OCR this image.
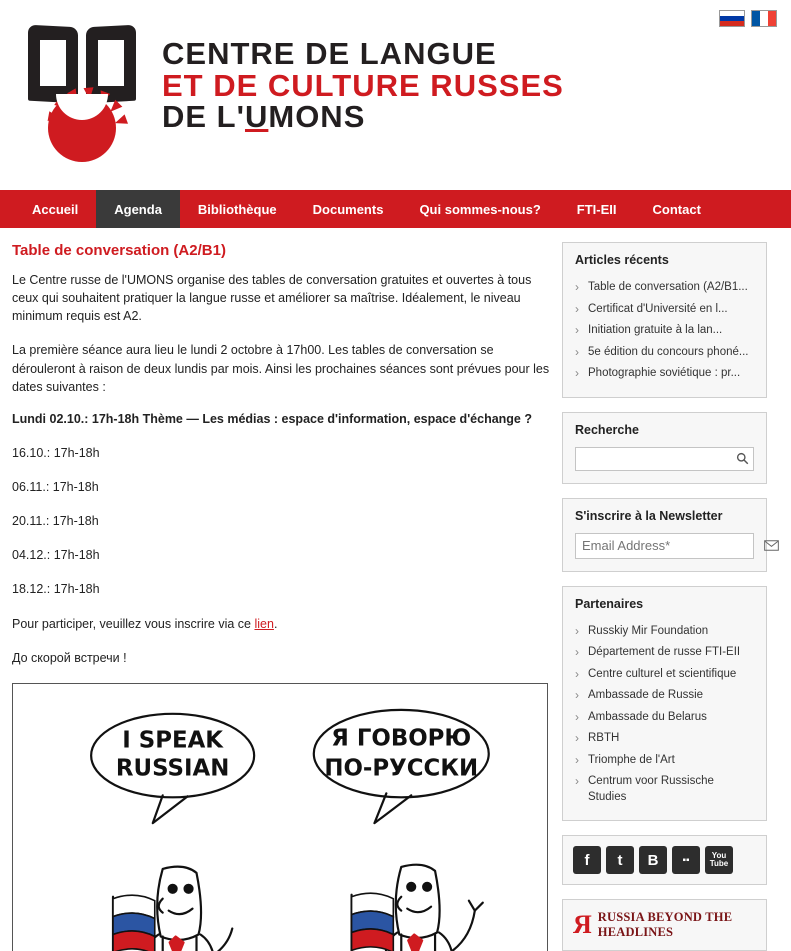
CENTRE DE LANGUE
ET DE CULTURE RUSSES
DE L'UMONS
Accueil	Agenda	Bibliothèque	Documents	Qui sommes-nous?	FTI-EII	Contact
Table de conversation (A2/B1)

Le Centre russe de l'UMONS organise des tables de conversation gratuites et ouvertes à tous ceux qui souhaitent pratiquer la langue russe et améliorer sa maîtrise. Idéalement, le niveau minimum requis est A2.

La première séance aura lieu le lundi 2 octobre à 17h00. Les tables de conversation se dérouleront à raison de deux lundis par mois. Ainsi les prochaines séances sont prévues pour les dates suivantes :

Lundi 02.10.: 17h-18h Thème — Les médias : espace d'information, espace d'échange ?

16.10.: 17h-18h

06.11.: 17h-18h

20.11.: 17h-18h

04.12.: 17h-18h

18.12.: 17h-18h

Pour participer, veuillez vous inscrire via ce lien.

До скорой встречи !

I SPEAK
RUSSIAN
Я ГОВОРЮ
ПО-РУССКИ
Articles récents
› Table de conversation (A2/B1...
› Certificat d'Université en l...
› Initiation gratuite à la lan...
› 5e édition du concours phoné...
› Photographie soviétique : pr...
Recherche
S'inscrire à la Newsletter
Email Address*
Partenaires
› Russkiy Mir Foundation
› Département de russe FTI-EII
› Centre culturel et scientifique
› Ambassade de Russie
› Ambassade du Belarus
› RBTH
› Triomphe de l'Art
› Centrum voor Russische Studies
f	t	B	▪▪	You Tube
Я RUSSIA BEYOND THE HEADLINES
